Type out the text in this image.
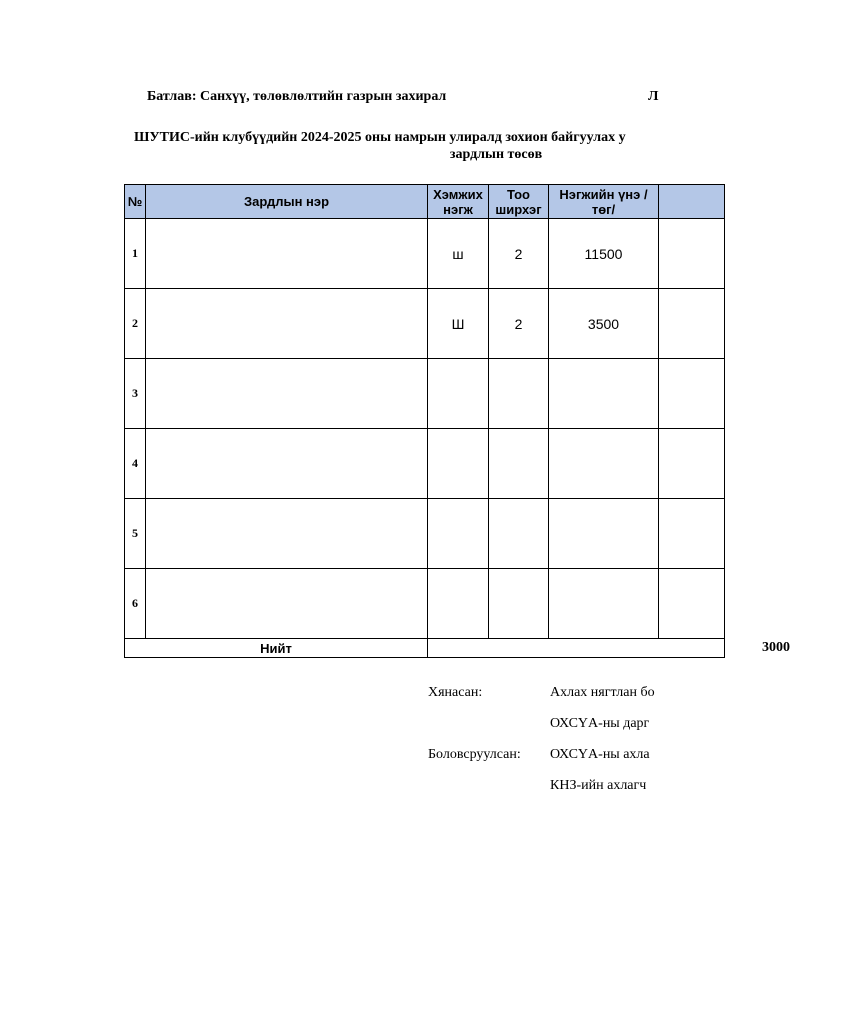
Батлав: Санхүү, төлөвлөлтийн газрын захирал	Л
ШУТИС-ийн клубүүдийн 2024-2025 оны намрын улиралд зохион байгуулах у
зардлын төсөв
№	Зардлын нэр	Хэмжих нэгж	Тоо ширхэг	Нэгжийн үнэ /төг/	
1		ш	2	11500	
2		Ш	2	3500	
3					
4					
5					
6					
Нийт		3000			
Хянасан:	Ахлах нягтлан бо
ОХСҮА-ны дарг
Боловсруулсан: ОХСҮА-ны ахла
КНЗ-ийн ахлагч
